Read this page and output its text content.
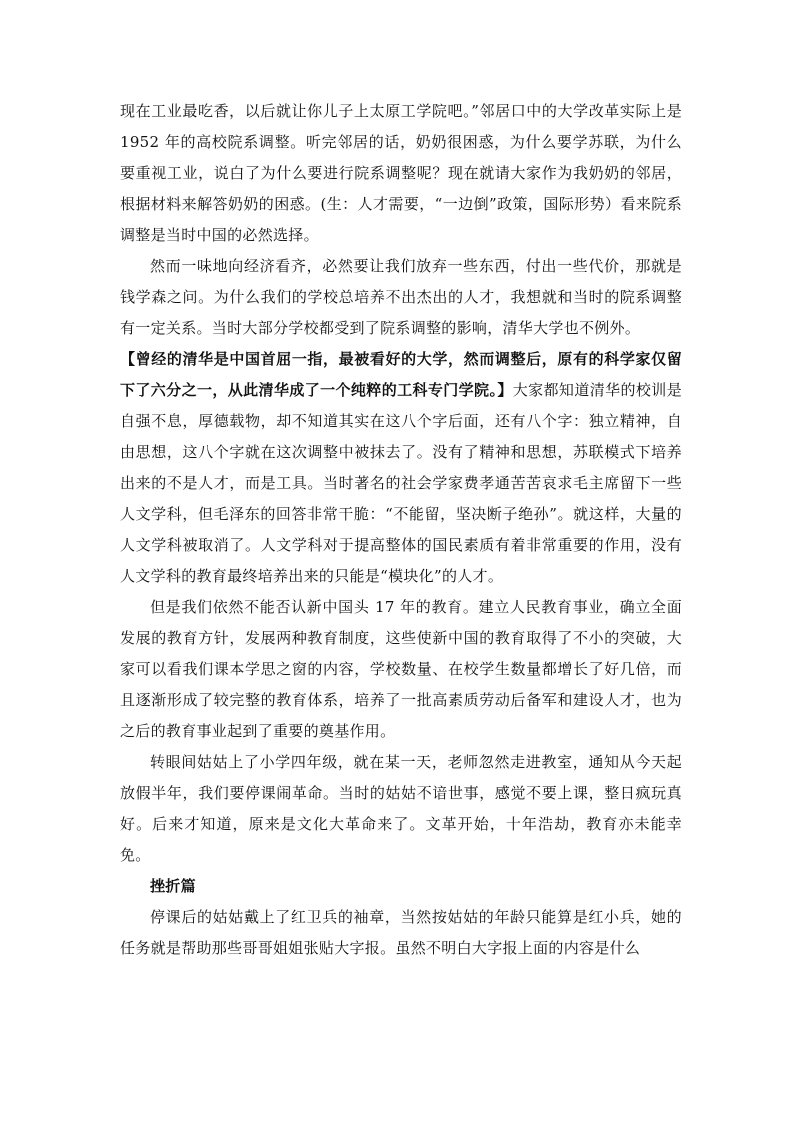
现在工业最吃香，以后就让你儿子上太原工学院吧。”邻居口中的大学改革实际上是 1952 年的高校院系调整。听完邻居的话，奶奶很困惑，为什么要学苏联，为什么要重视工业，说白了为什么要进行院系调整呢？现在就请大家作为我奶奶的邻居，根据材料来解答奶奶的困惑。(生：人才需要，“一边倒”政策，国际形势）看来院系调整是当时中国的必然选择。

然而一味地向经济看齐，必然要让我们放弃一些东西，付出一些代价，那就是钱学森之问。为什么我们的学校总培养不出杰出的人才，我想就和当时的院系调整有一定关系。当时大部分学校都受到了院系调整的影响，清华大学也不例外。

【曾经的清华是中国首屈一指，最被看好的大学，然而调整后，原有的科学家仅留下了六分之一，从此清华成了一个纯粹的工科专门学院。】大家都知道清华的校训是自强不息，厚德载物，却不知道其实在这八个字后面，还有八个字：独立精神，自由思想，这八个字就在这次调整中被抹去了。没有了精神和思想，苏联模式下培养出来的不是人才，而是工具。当时著名的社会学家费孝通苦苦哀求毛主席留下一些人文学科，但毛泽东的回答非常干脆：“不能留，坚决断子绝孙”。就这样，大量的人文学科被取消了。人文学科对于提高整体的国民素质有着非常重要的作用，没有人文学科的教育最终培养出来的只能是“模块化”的人才。

但是我们依然不能否认新中国头 17 年的教育。建立人民教育事业，确立全面发展的教育方针，发展两种教育制度，这些使新中国的教育取得了不小的突破，大家可以看我们课本学思之窗的内容，学校数量、在校学生数量都增长了好几倍，而且逐渐形成了较完整的教育体系，培养了一批高素质劳动后备军和建设人才，也为之后的教育事业起到了重要的奠基作用。

转眼间姑姑上了小学四年级，就在某一天，老师忽然走进教室，通知从今天起放假半年，我们要停课闹革命。当时的姑姑不谙世事，感觉不要上课，整日疯玩真好。后来才知道，原来是文化大革命来了。文革开始，十年浩劫，教育亦未能幸免。

挫折篇

停课后的姑姑戴上了红卫兵的袖章，当然按姑姑的年龄只能算是红小兵，她的任务就是帮助那些哥哥姐姐张贴大字报。虽然不明白大字报上面的内容是什么
